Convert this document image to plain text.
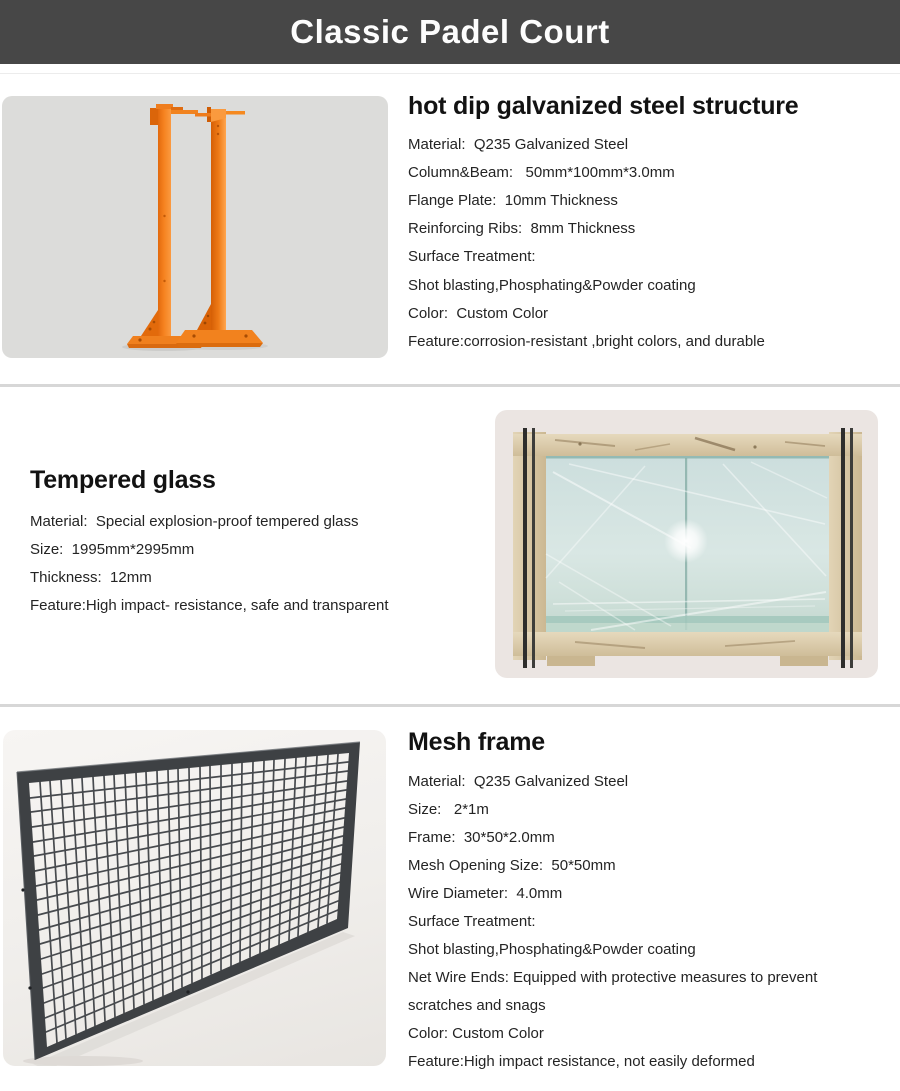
Classic Padel Court
hot dip galvanized steel structure
Material:  Q235 Galvanized Steel
Column&Beam:   50mm*100mm*3.0mm
Flange Plate:  10mm Thickness
Reinforcing Ribs:  8mm Thickness
Surface Treatment:
Shot blasting,Phosphating&Powder coating
Color:  Custom Color
Feature:corrosion-resistant ,bright colors, and durable
Tempered glass
Material:  Special explosion-proof tempered glass
Size:  1995mm*2995mm
Thickness:  12mm
Feature:High impact- resistance, safe and transparent
Mesh frame
Material:  Q235 Galvanized Steel
Size:   2*1m
Frame:  30*50*2.0mm
Mesh Opening Size:  50*50mm
Wire Diameter:  4.0mm
Surface Treatment:
Shot blasting,Phosphating&Powder coating
Net Wire Ends: Equipped with protective measures to prevent
scratches and snags
Color: Custom Color
Feature:High impact resistance, not easily deformed
